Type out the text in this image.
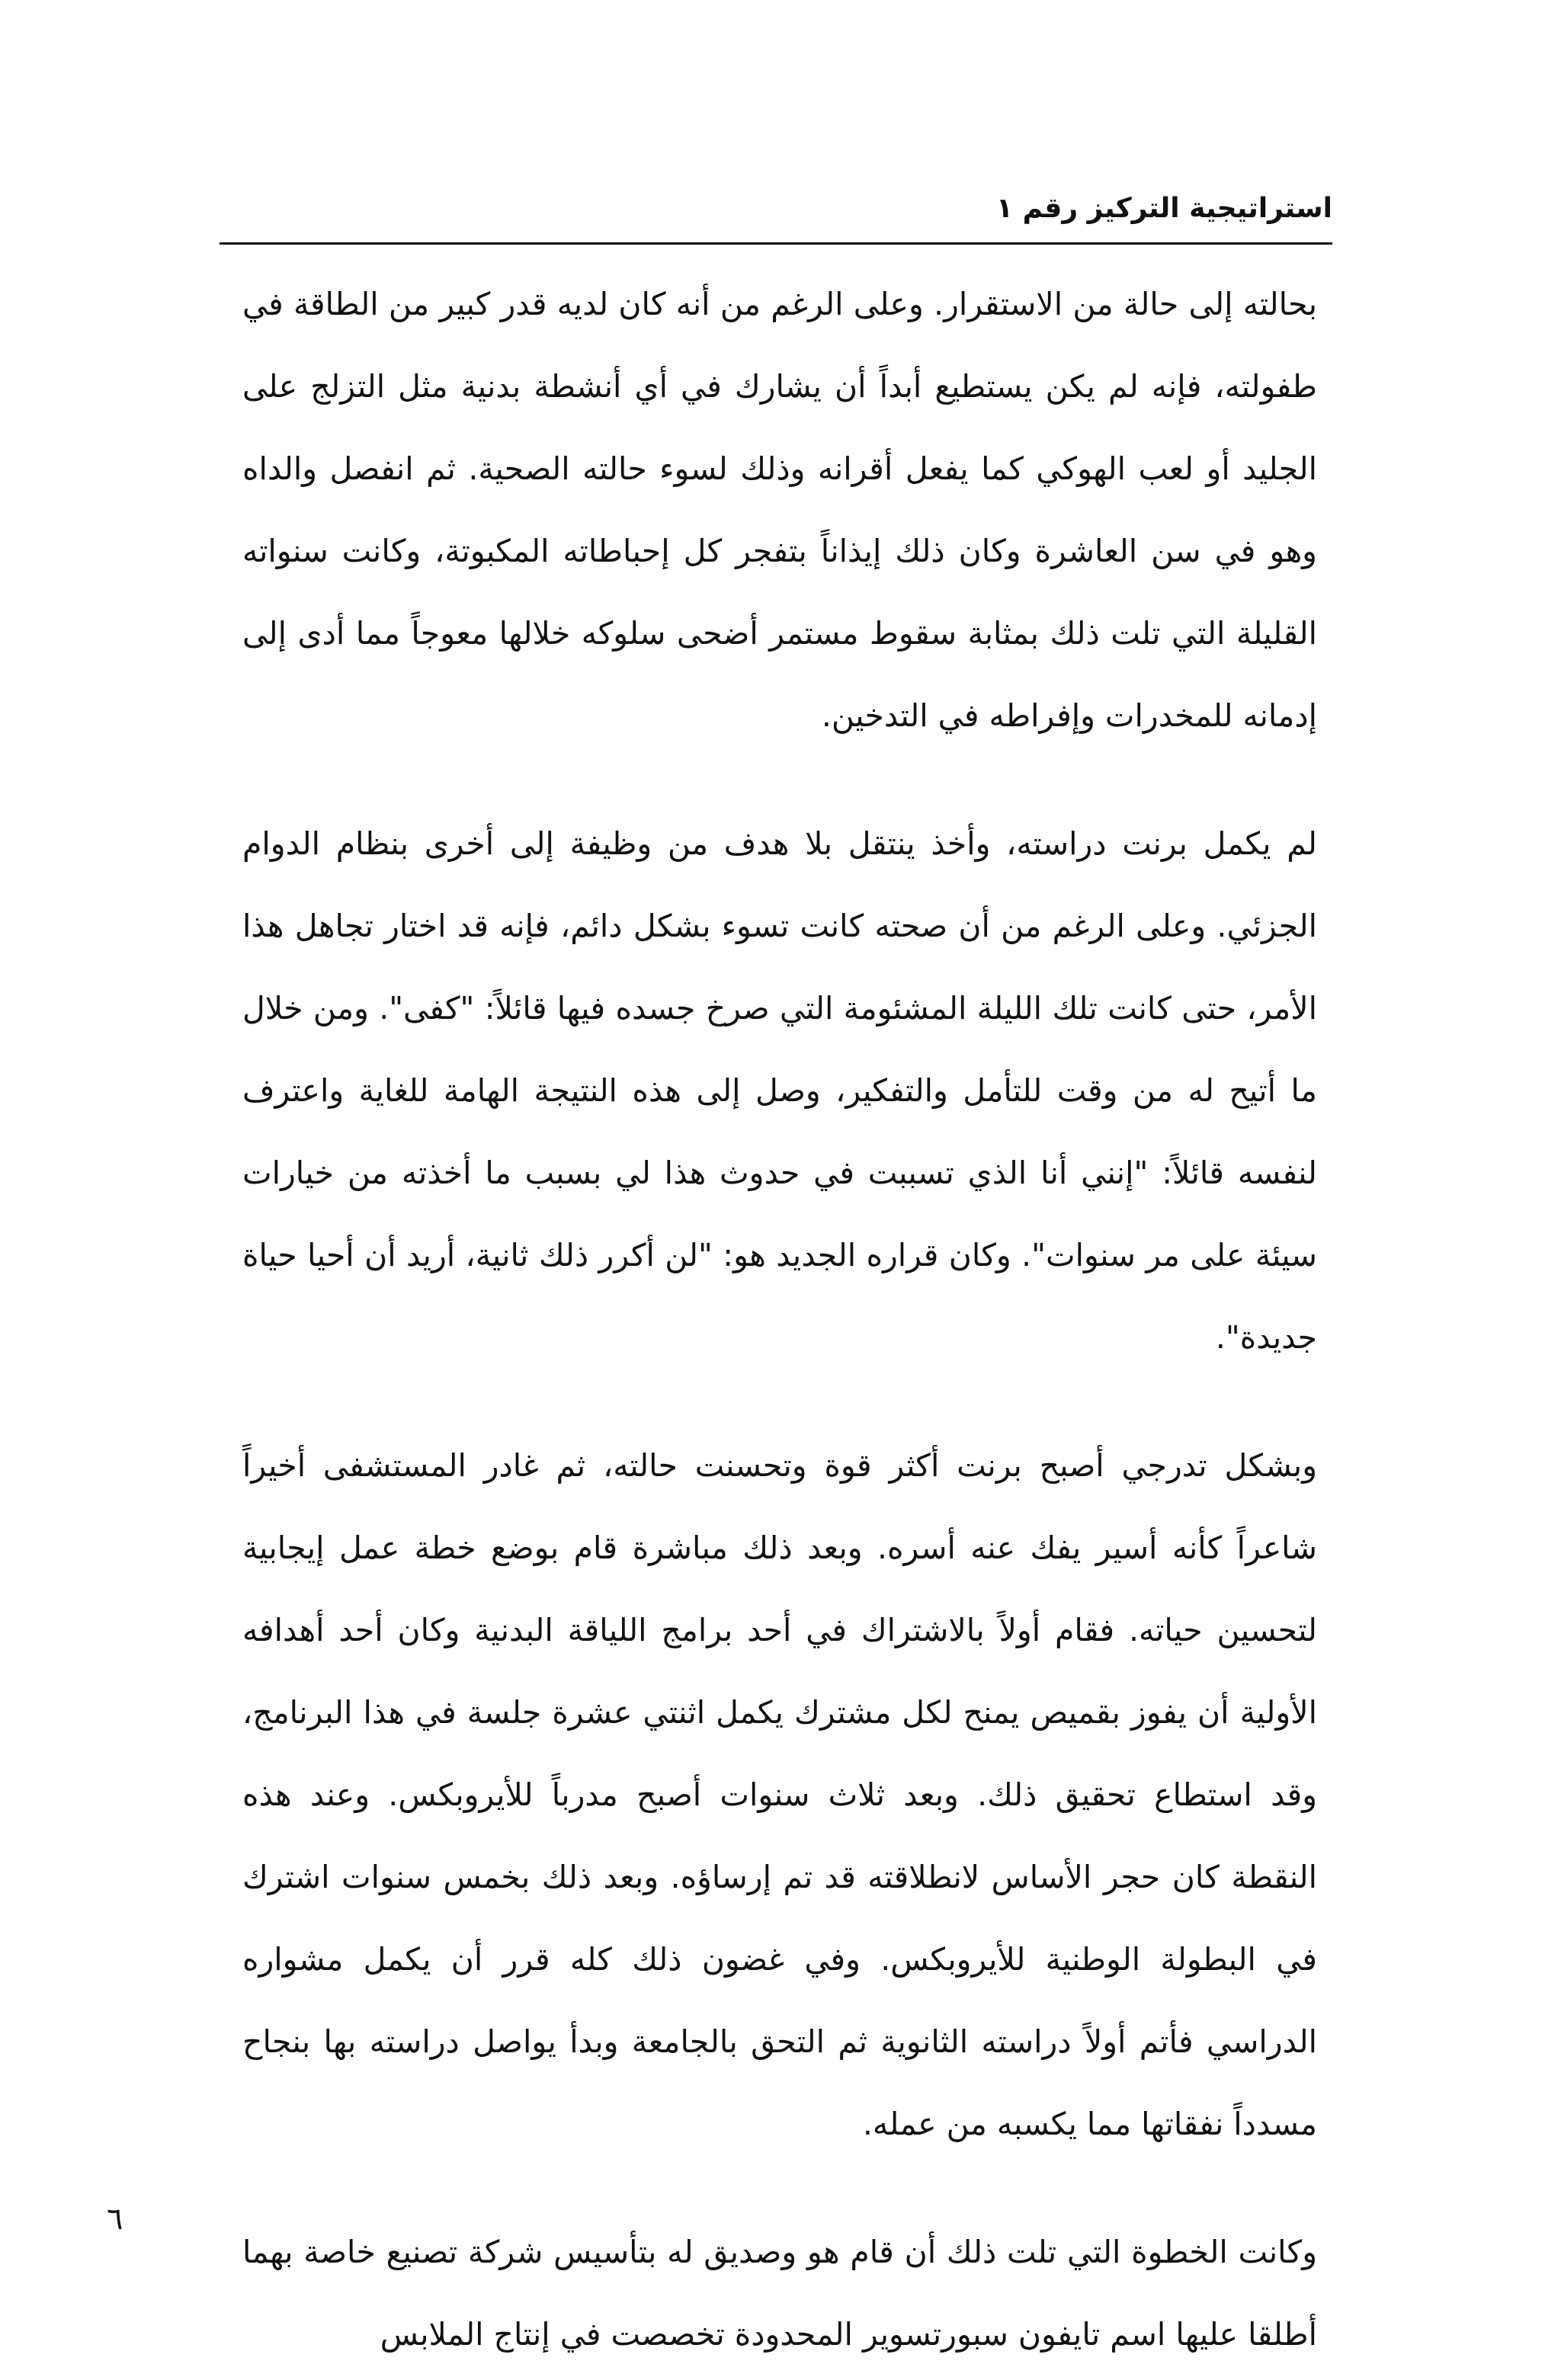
استراتيجية التركيز رقم ١

بحالته إلى حالة من الاستقرار. وعلى الرغم من أنه كان لديه قدر كبير من الطاقة في طفولته، فإنه لم يكن يستطيع أبداً أن يشارك في أي أنشطة بدنية مثل التزلج على الجليد أو لعب الهوكي كما يفعل أقرانه وذلك لسوء حالته الصحية. ثم انفصل والداه وهو في سن العاشرة وكان ذلك إيذاناً بتفجر كل إحباطاته المكبوتة، وكانت سنواته القليلة التي تلت ذلك بمثابة سقوط مستمر أضحى سلوكه خلالها معوجاً مما أدى إلى إدمانه للمخدرات وإفراطه في التدخين.

لم يكمل برنت دراسته، وأخذ ينتقل بلا هدف من وظيفة إلى أخرى بنظام الدوام الجزئي. وعلى الرغم من أن صحته كانت تسوء بشكل دائم، فإنه قد اختار تجاهل هذا الأمر، حتى كانت تلك الليلة المشئومة التي صرخ جسده فيها قائلاً: "كفى". ومن خلال ما أتيح له من وقت للتأمل والتفكير، وصل إلى هذه النتيجة الهامة للغاية واعترف لنفسه قائلاً: "إنني أنا الذي تسببت في حدوث هذا لي بسبب ما أخذته من خيارات سيئة على مر سنوات". وكان قراره الجديد هو: "لن أكرر ذلك ثانية، أريد أن أحيا حياة جديدة".

وبشكل تدرجي أصبح برنت أكثر قوة وتحسنت حالته، ثم غادر المستشفى أخيراً شاعراً كأنه أسير يفك عنه أسره. وبعد ذلك مباشرة قام بوضع خطة عمل إيجابية لتحسين حياته. فقام أولاً بالاشتراك في أحد برامج اللياقة البدنية وكان أحد أهدافه الأولية أن يفوز بقميص يمنح لكل مشترك يكمل اثنتي عشرة جلسة في هذا البرنامج، وقد استطاع تحقيق ذلك. وبعد ثلاث سنوات أصبح مدرباً للأيروبكس. وعند هذه النقطة كان حجر الأساس لانطلاقته قد تم إرساؤه. وبعد ذلك بخمس سنوات اشترك في البطولة الوطنية للأيروبكس. وفي غضون ذلك كله قرر أن يكمل مشواره الدراسي فأتم أولاً دراسته الثانوية ثم التحق بالجامعة وبدأ يواصل دراسته بها بنجاح مسدداً نفقاتها مما يكسبه من عمله.

وكانت الخطوة التي تلت ذلك أن قام هو وصديق له بتأسيس شركة تصنيع خاصة بهما أطلقا عليها اسم تايفون سبورتسوير المحدودة تخصصت في إنتاج الملابس

٦
